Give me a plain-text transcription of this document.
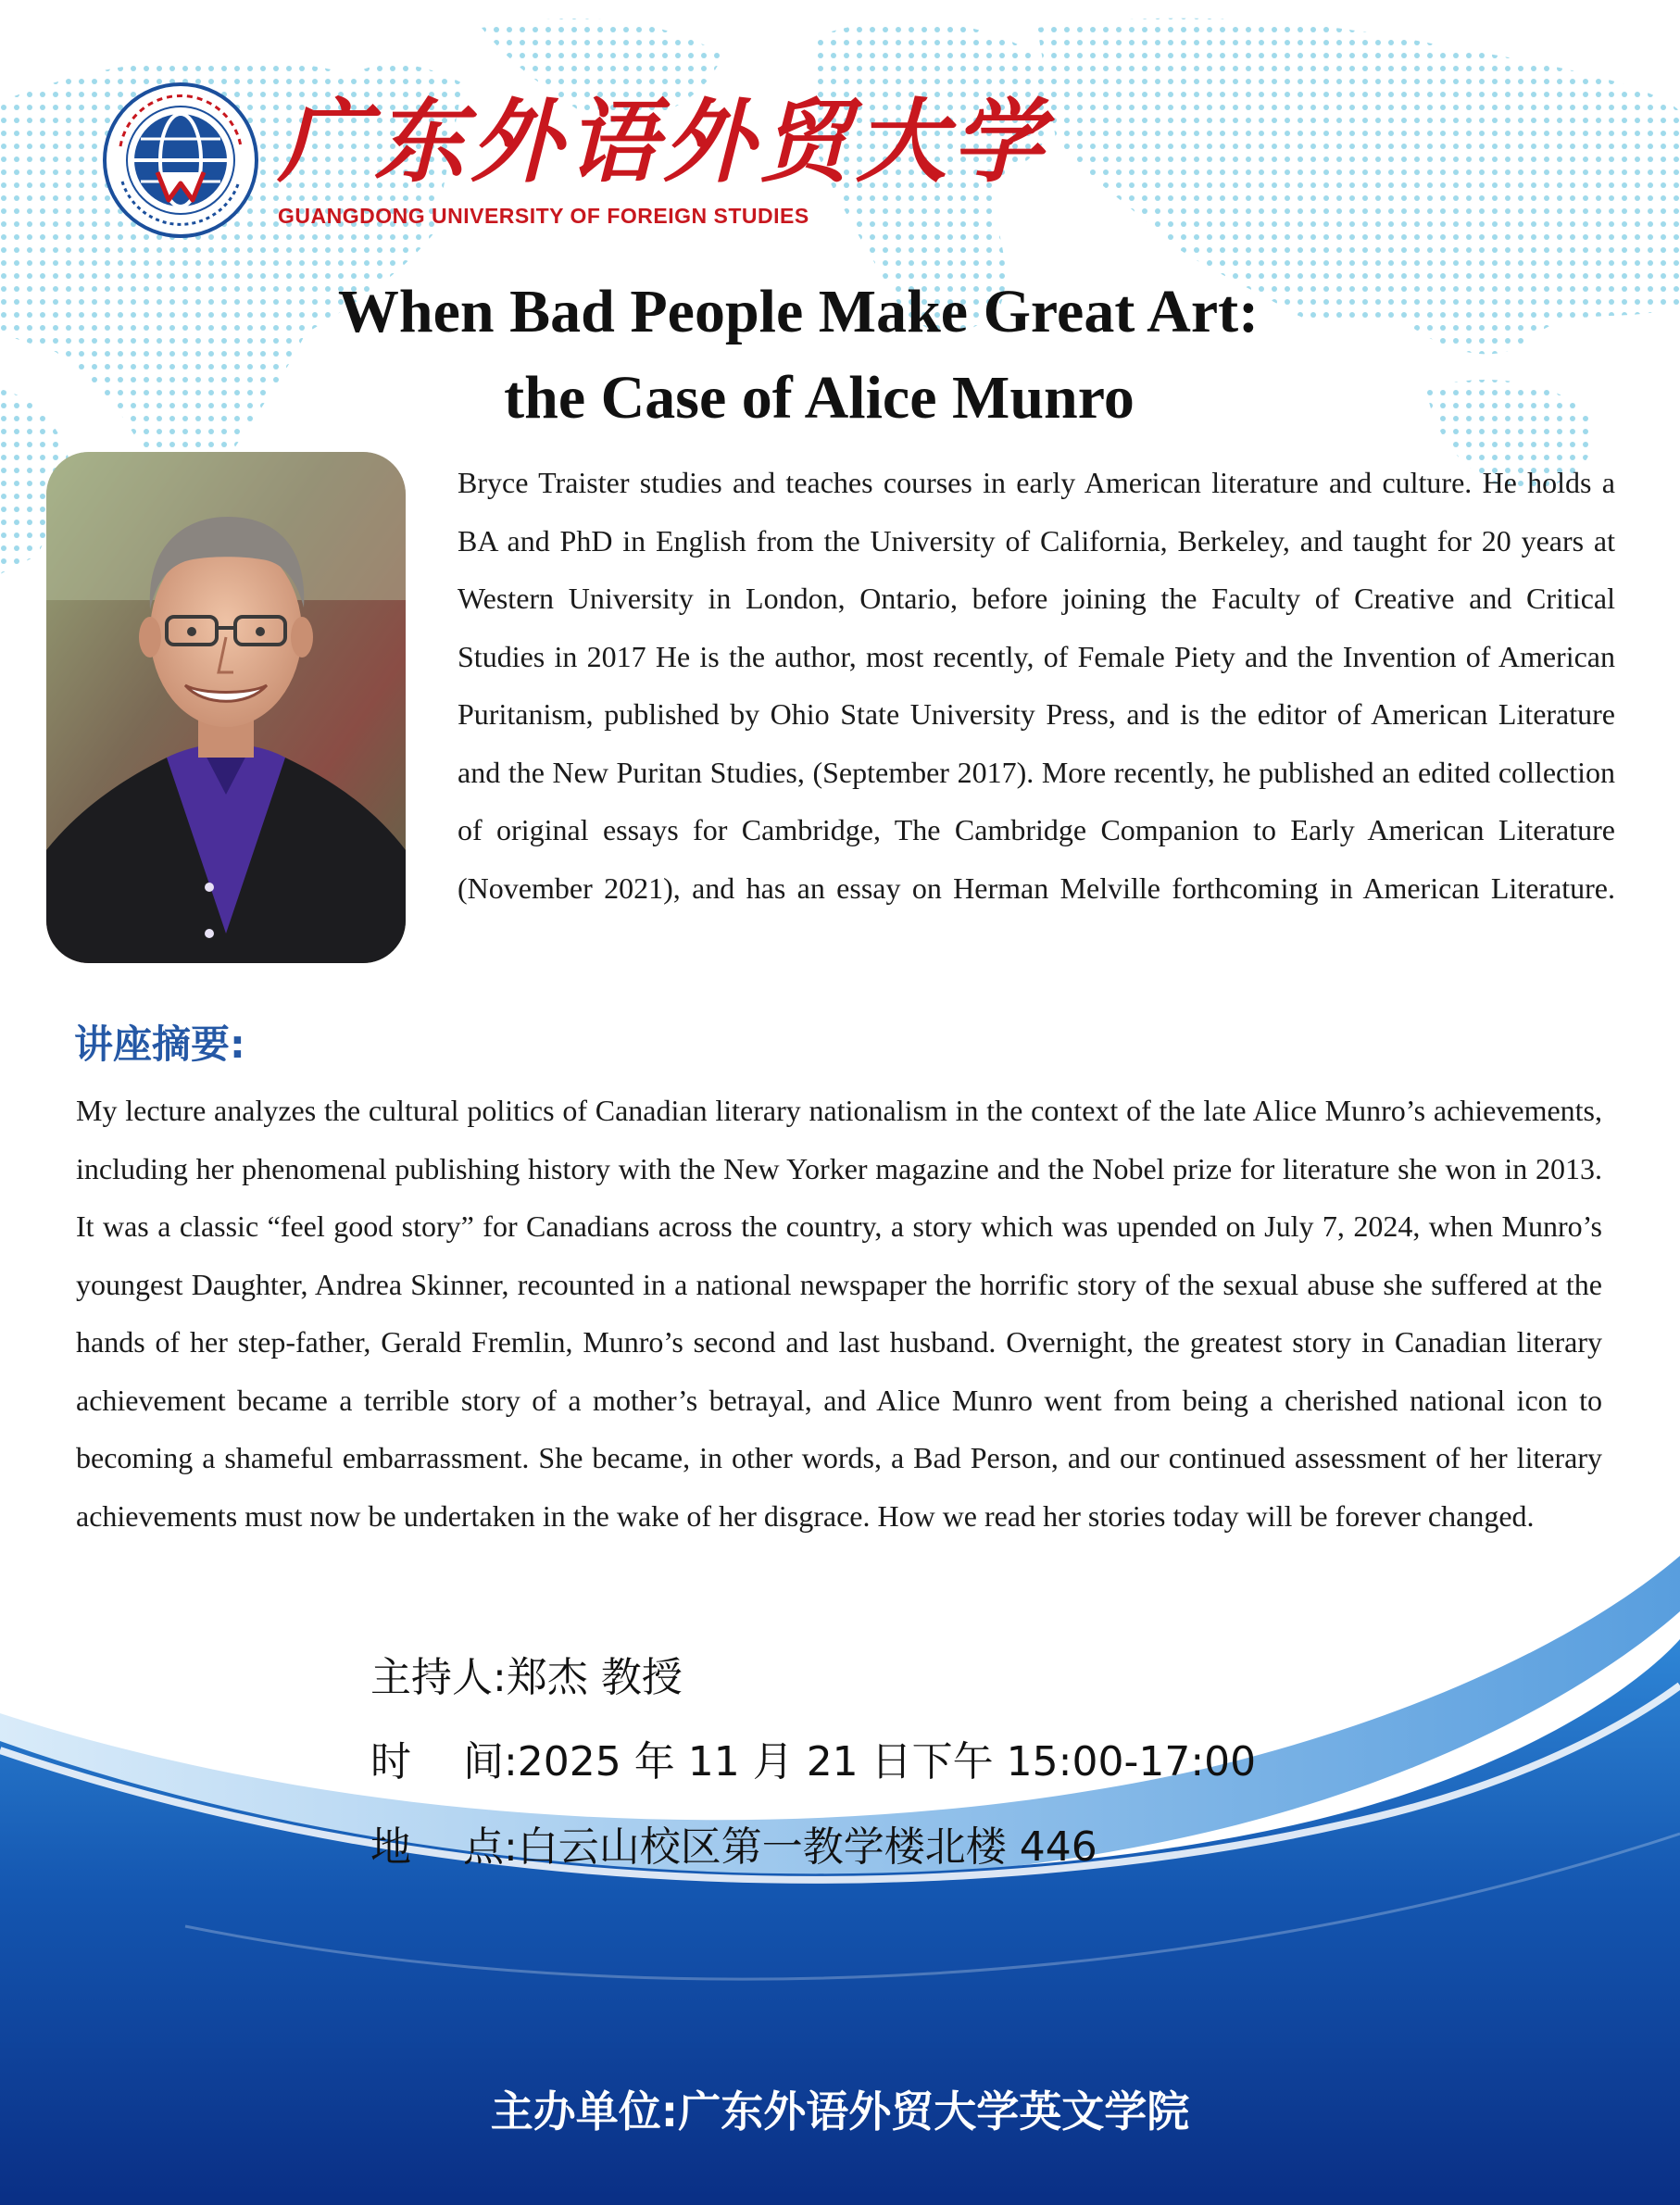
广东外语外贸大学
GUANGDONG UNIVERSITY OF FOREIGN STUDIES
When Bad People Make Great Art:
the Case of Alice Munro

Bryce Traister studies and teaches courses in early American literature and culture. He holds a BA and PhD in English from the University of California, Berkeley, and taught for 20 years at Western University in London, Ontario, before joining the Faculty of Creative and Critical Studies in 2017 He is the author, most recently, of Female Piety and the Invention of American Puritanism, published by Ohio State University Press, and is the editor of American Literature and the New Puritan Studies, (September 2017). More recently, he published an edited collection of original essays for Cambridge, The Cambridge Companion to Early American Literature (November 2021), and has an essay on Herman Melville forthcoming in American Literature.

讲座摘要:

My lecture analyzes the cultural politics of Canadian literary nationalism in the context of the late Alice Munro’s achievements, including her phenomenal publishing history with the New Yorker magazine and the Nobel prize for literature she won in 2013. It was a classic “feel good story” for Canadians across the country, a story which was upended on July 7, 2024, when Munro’s youngest Daughter, Andrea Skinner, recounted in a national newspaper the horrific story of the sexual abuse she suffered at the hands of her step-father, Gerald Fremlin, Munro’s second and last husband. Overnight, the greatest story in Canadian literary achievement became a terrible story of a mother’s betrayal, and Alice Munro went from being a cherished national icon to becoming a shameful embarrassment. She became, in other words, a Bad Person, and our continued assessment of her literary achievements must now be undertaken in the wake of her disgrace. How we read her stories today will be forever changed.

主持人:郑杰 教授
时    间:2025 年 11 月 21 日下午 15:00-17:00
地    点:白云山校区第一教学楼北楼 446
主办单位:广东外语外贸大学英文学院
